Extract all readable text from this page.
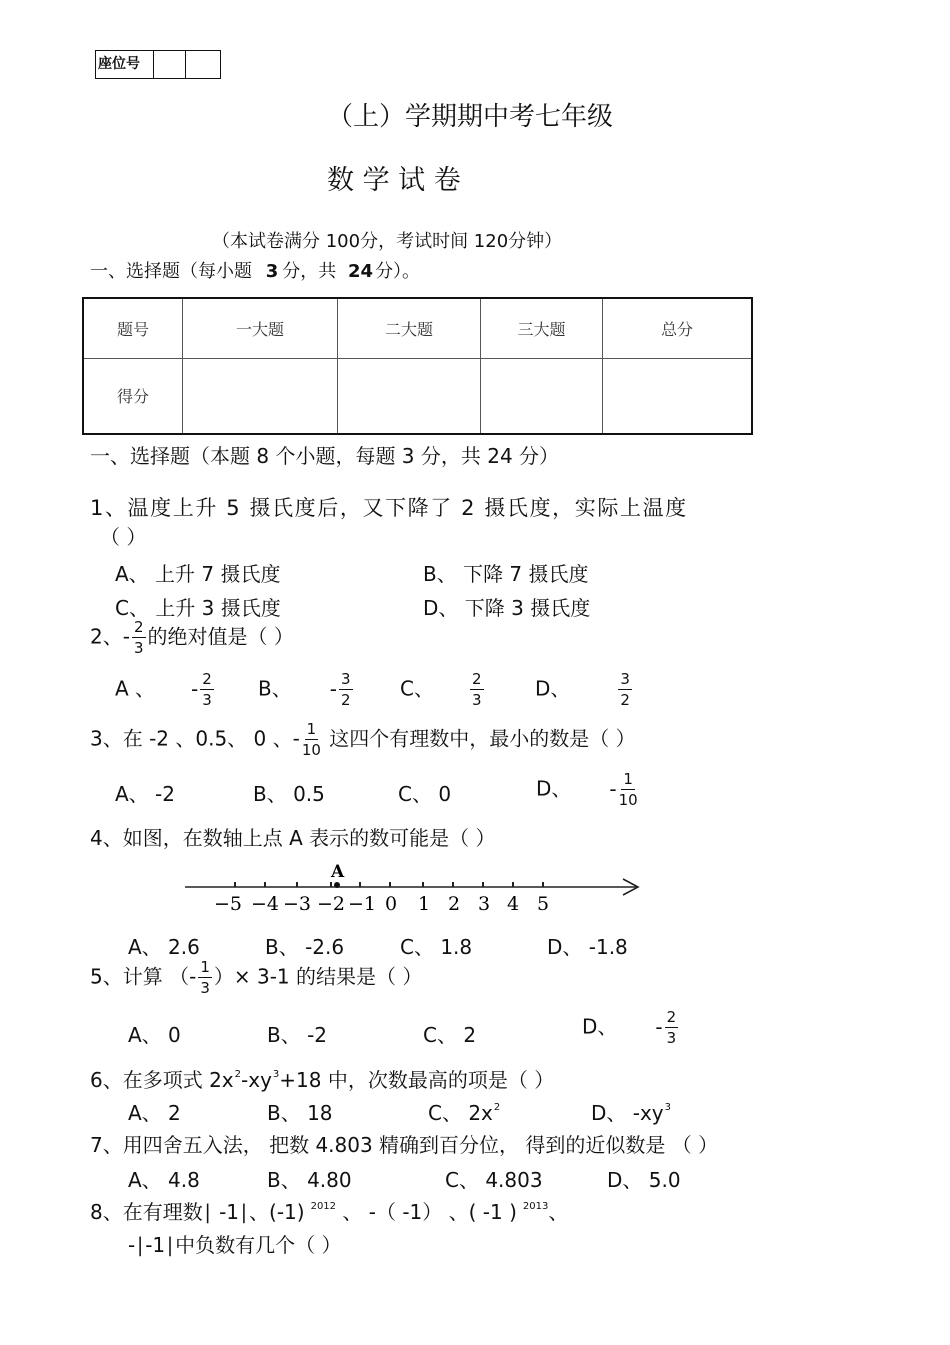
座位号
（上）学期期中考七年级
数 学 试 卷
（本试卷满分 100分，考试时间 120分钟）
一、选择题（每小题 3 分，共 24 分）。
题号	一大题	二大题	三大题	总分
得分				
一、选择题（本题 8 个小题，每题 3 分，共 24 分）
1、温度上升 5 摄氏度后，又下降了 2 摄氏度，实际上温度
（ ）
A、 上升 7 摄氏度	B、 下降 7 摄氏度
C、 上升 3 摄氏度	D、 下降 3 摄氏度
2、- $\frac{2}{3}$ 的绝对值是（ ）
A 、 - $\frac{2}{3}$ B、 - $\frac{3}{2}$ C、 $\frac{2}{3}$	D、	$\frac{3}{2}$
3、在 -2 、0.5、 0 、- $\frac{1}{10}$ 这四个有理数中，最小的数是（ ）
A、 -2	B、 0.5	C、 0	D、 - $\frac{1}{10}$
4、如图，在数轴上点 A 表示的数可能是（ ）
A
−5 −4 −3 −2 −1 0 1 2 3 4 5
A、 2.6	B、 -2.6	C、 1.8	D、 -1.8
5、计算 （- $\frac{1}{3}$ ）× 3-1 的结果是（ ）
A、 0	B、 -2	C、 2	D、 - $\frac{2}{3}$
6、在多项式 $2x^2-xy^3+18$ 中，次数最高的项是（ ）
A、 2	B、 18	C、 $2x^2$	D、 $-xy^3$
7、用四舍五入法， 把数 4.803 精确到百分位， 得到的近似数是 （ ）
A、 4.8	B、 4.80	C、 4.803	D、 5.0
8、在有理数∣ -1∣、(-1) $^{2012}$ 、 -（ -1） 、( -1 ) $^{2013}$、
-∣-1∣中负数有几个（ ）
